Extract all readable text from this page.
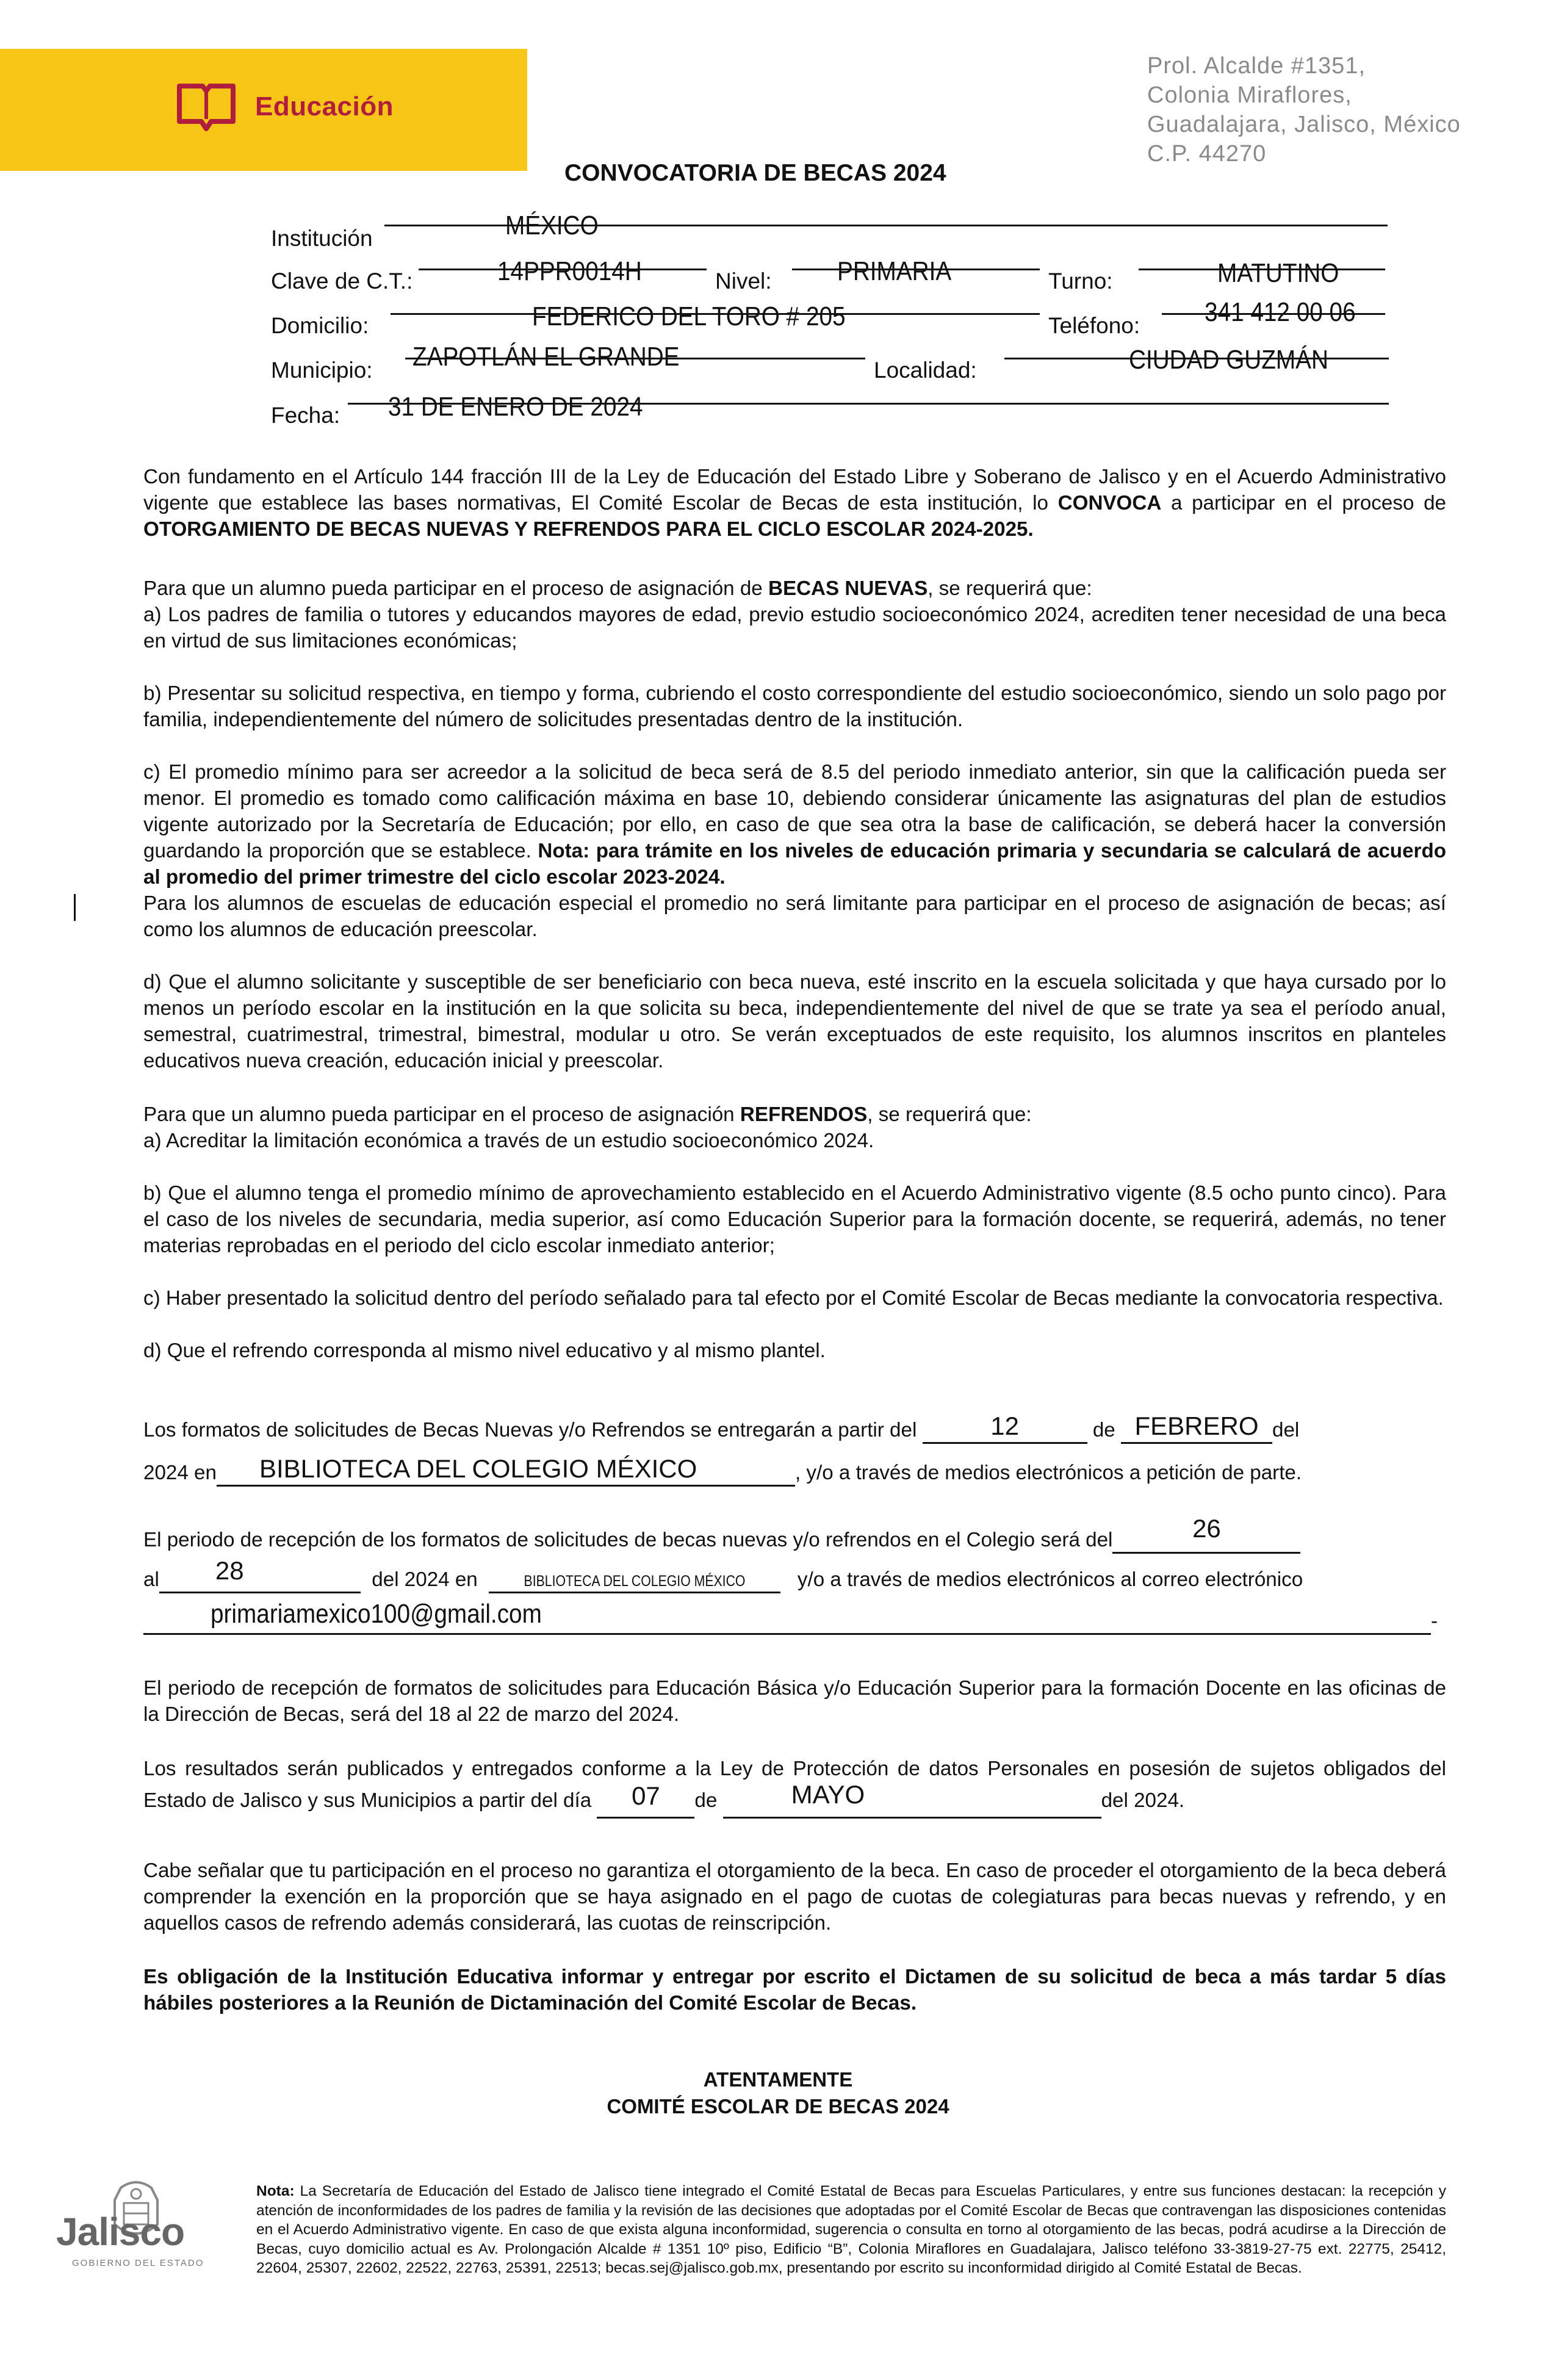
Educación
Prol. Alcalde #1351,
Colonia Miraflores,
Guadalajara, Jalisco, México
C.P. 44270
CONVOCATORIA DE BECAS 2024
Institución	MÉXICO
Clave de C.T.:	14PPR0014H	Nivel: PRIMARIA	Turno:	MATUTINO
Domicilio:	FEDERICO DEL TORO # 205	Teléfono: 341 412 00 06
Municipio: ZAPOTLÁN EL GRANDE	Localidad:	CIUDAD GUZMÁN
Fecha: 31 DE ENERO DE 2024

Con fundamento en el Artículo 144 fracción III de la Ley de Educación del Estado Libre y Soberano de Jalisco y en el Acuerdo Administrativo vigente que establece las bases normativas, El Comité Escolar de Becas de esta institución, lo CONVOCA a participar en el proceso de OTORGAMIENTO DE BECAS NUEVAS Y REFRENDOS PARA EL CICLO ESCOLAR 2024-2025.

Para que un alumno pueda participar en el proceso de asignación de BECAS NUEVAS, se requerirá que:

a) Los padres de familia o tutores y educandos mayores de edad, previo estudio socioeconómico 2024, acrediten tener necesidad de una beca en virtud de sus limitaciones económicas;

b) Presentar su solicitud respectiva, en tiempo y forma, cubriendo el costo correspondiente del estudio socioeconómico, siendo un solo pago por familia, independientemente del número de solicitudes presentadas dentro de la institución.

c) El promedio mínimo para ser acreedor a la solicitud de beca será de 8.5 del periodo inmediato anterior, sin que la calificación pueda ser menor. El promedio es tomado como calificación máxima en base 10, debiendo considerar únicamente las asignaturas del plan de estudios vigente autorizado por la Secretaría de Educación; por ello, en caso de que sea otra la base de calificación, se deberá hacer la conversión guardando la proporción que se establece. Nota: para trámite en los niveles de educación primaria y secundaria se calculará de acuerdo al promedio del primer trimestre del ciclo escolar 2023-2024.

Para los alumnos de escuelas de educación especial el promedio no será limitante para participar en el proceso de asignación de becas; así como los alumnos de educación preescolar.

d) Que el alumno solicitante y susceptible de ser beneficiario con beca nueva, esté inscrito en la escuela solicitada y que haya cursado por lo menos un período escolar en la institución en la que solicita su beca, independientemente del nivel de que se trate ya sea el período anual, semestral, cuatrimestral, trimestral, bimestral, modular u otro. Se verán exceptuados de este requisito, los alumnos inscritos en planteles educativos nueva creación, educación inicial y preescolar.

Para que un alumno pueda participar en el proceso de asignación REFRENDOS, se requerirá que:

a) Acreditar la limitación económica a través de un estudio socioeconómico 2024.

b) Que el alumno tenga el promedio mínimo de aprovechamiento establecido en el Acuerdo Administrativo vigente (8.5 ocho punto cinco). Para el caso de los niveles de secundaria, media superior, así como Educación Superior para la formación docente, se requerirá, además, no tener materias reprobadas en el periodo del ciclo escolar inmediato anterior;

c) Haber presentado la solicitud dentro del período señalado para tal efecto por el Comité Escolar de Becas mediante la convocatoria respectiva.

d) Que el refrendo corresponda al mismo nivel educativo y al mismo plantel.

Los formatos de solicitudes de Becas Nuevas y/o Refrendos se entregarán a partir del	12	de FEBRERO del
2024 en BIBLIOTECA DEL COLEGIO MÉXICO	, y/o a través de medios electrónicos a petición de parte.
El periodo de recepción de los formatos de solicitudes de becas nuevas y/o refrendos en el Colegio será del	26

al 28	del 2024 en	BIBLIOTECA DEL COLEGIO MÉXICO	y/o a través de medios electrónicos al correo electrónico
primariamexico100@gmail.com	-

El periodo de recepción de formatos de solicitudes para Educación Básica y/o Educación Superior para la formación Docente en las oficinas de la Dirección de Becas, será del 18 al 22 de marzo del 2024.

Los resultados serán publicados y entregados conforme a la Ley de Protección de datos Personales en posesión de sujetos obligados del Estado de Jalisco y sus Municipios a partir del día	07	de	MAYO	del 2024.

Cabe señalar que tu participación en el proceso no garantiza el otorgamiento de la beca. En caso de proceder el otorgamiento de la beca deberá comprender la exención en la proporción que se haya asignado en el pago de cuotas de colegiaturas para becas nuevas y refrendo, y en aquellos casos de refrendo además considerará, las cuotas de reinscripción.

Es obligación de la Institución Educativa informar y entregar por escrito el Dictamen de su solicitud de beca a más tardar 5 días hábiles posteriores a la Reunión de Dictaminación del Comité Escolar de Becas.

ATENTAMENTE
COMITÉ ESCOLAR DE BECAS 2024
Jalisco
GOBIERNO DEL ESTADO
Nota: La Secretaría de Educación del Estado de Jalisco tiene integrado el Comité Estatal de Becas para Escuelas Particulares, y entre sus funciones destacan: la recepción y atención de inconformidades de los padres de familia y la revisión de las decisiones que adoptadas por el Comité Escolar de Becas que contravengan las disposiciones contenidas en el Acuerdo Administrativo vigente. En caso de que exista alguna inconformidad, sugerencia o consulta en torno al otorgamiento de las becas, podrá acudirse a la Dirección de Becas, cuyo domicilio actual es Av. Prolongación Alcalde # 1351 10º piso, Edificio “B”, Colonia Miraflores en Guadalajara, Jalisco teléfono 33-3819-27-75 ext. 22775, 25412, 22604, 25307, 22602, 22522, 22763, 25391, 22513; becas.sej@jalisco.gob.mx, presentando por escrito su inconformidad dirigido al Comité Estatal de Becas.
